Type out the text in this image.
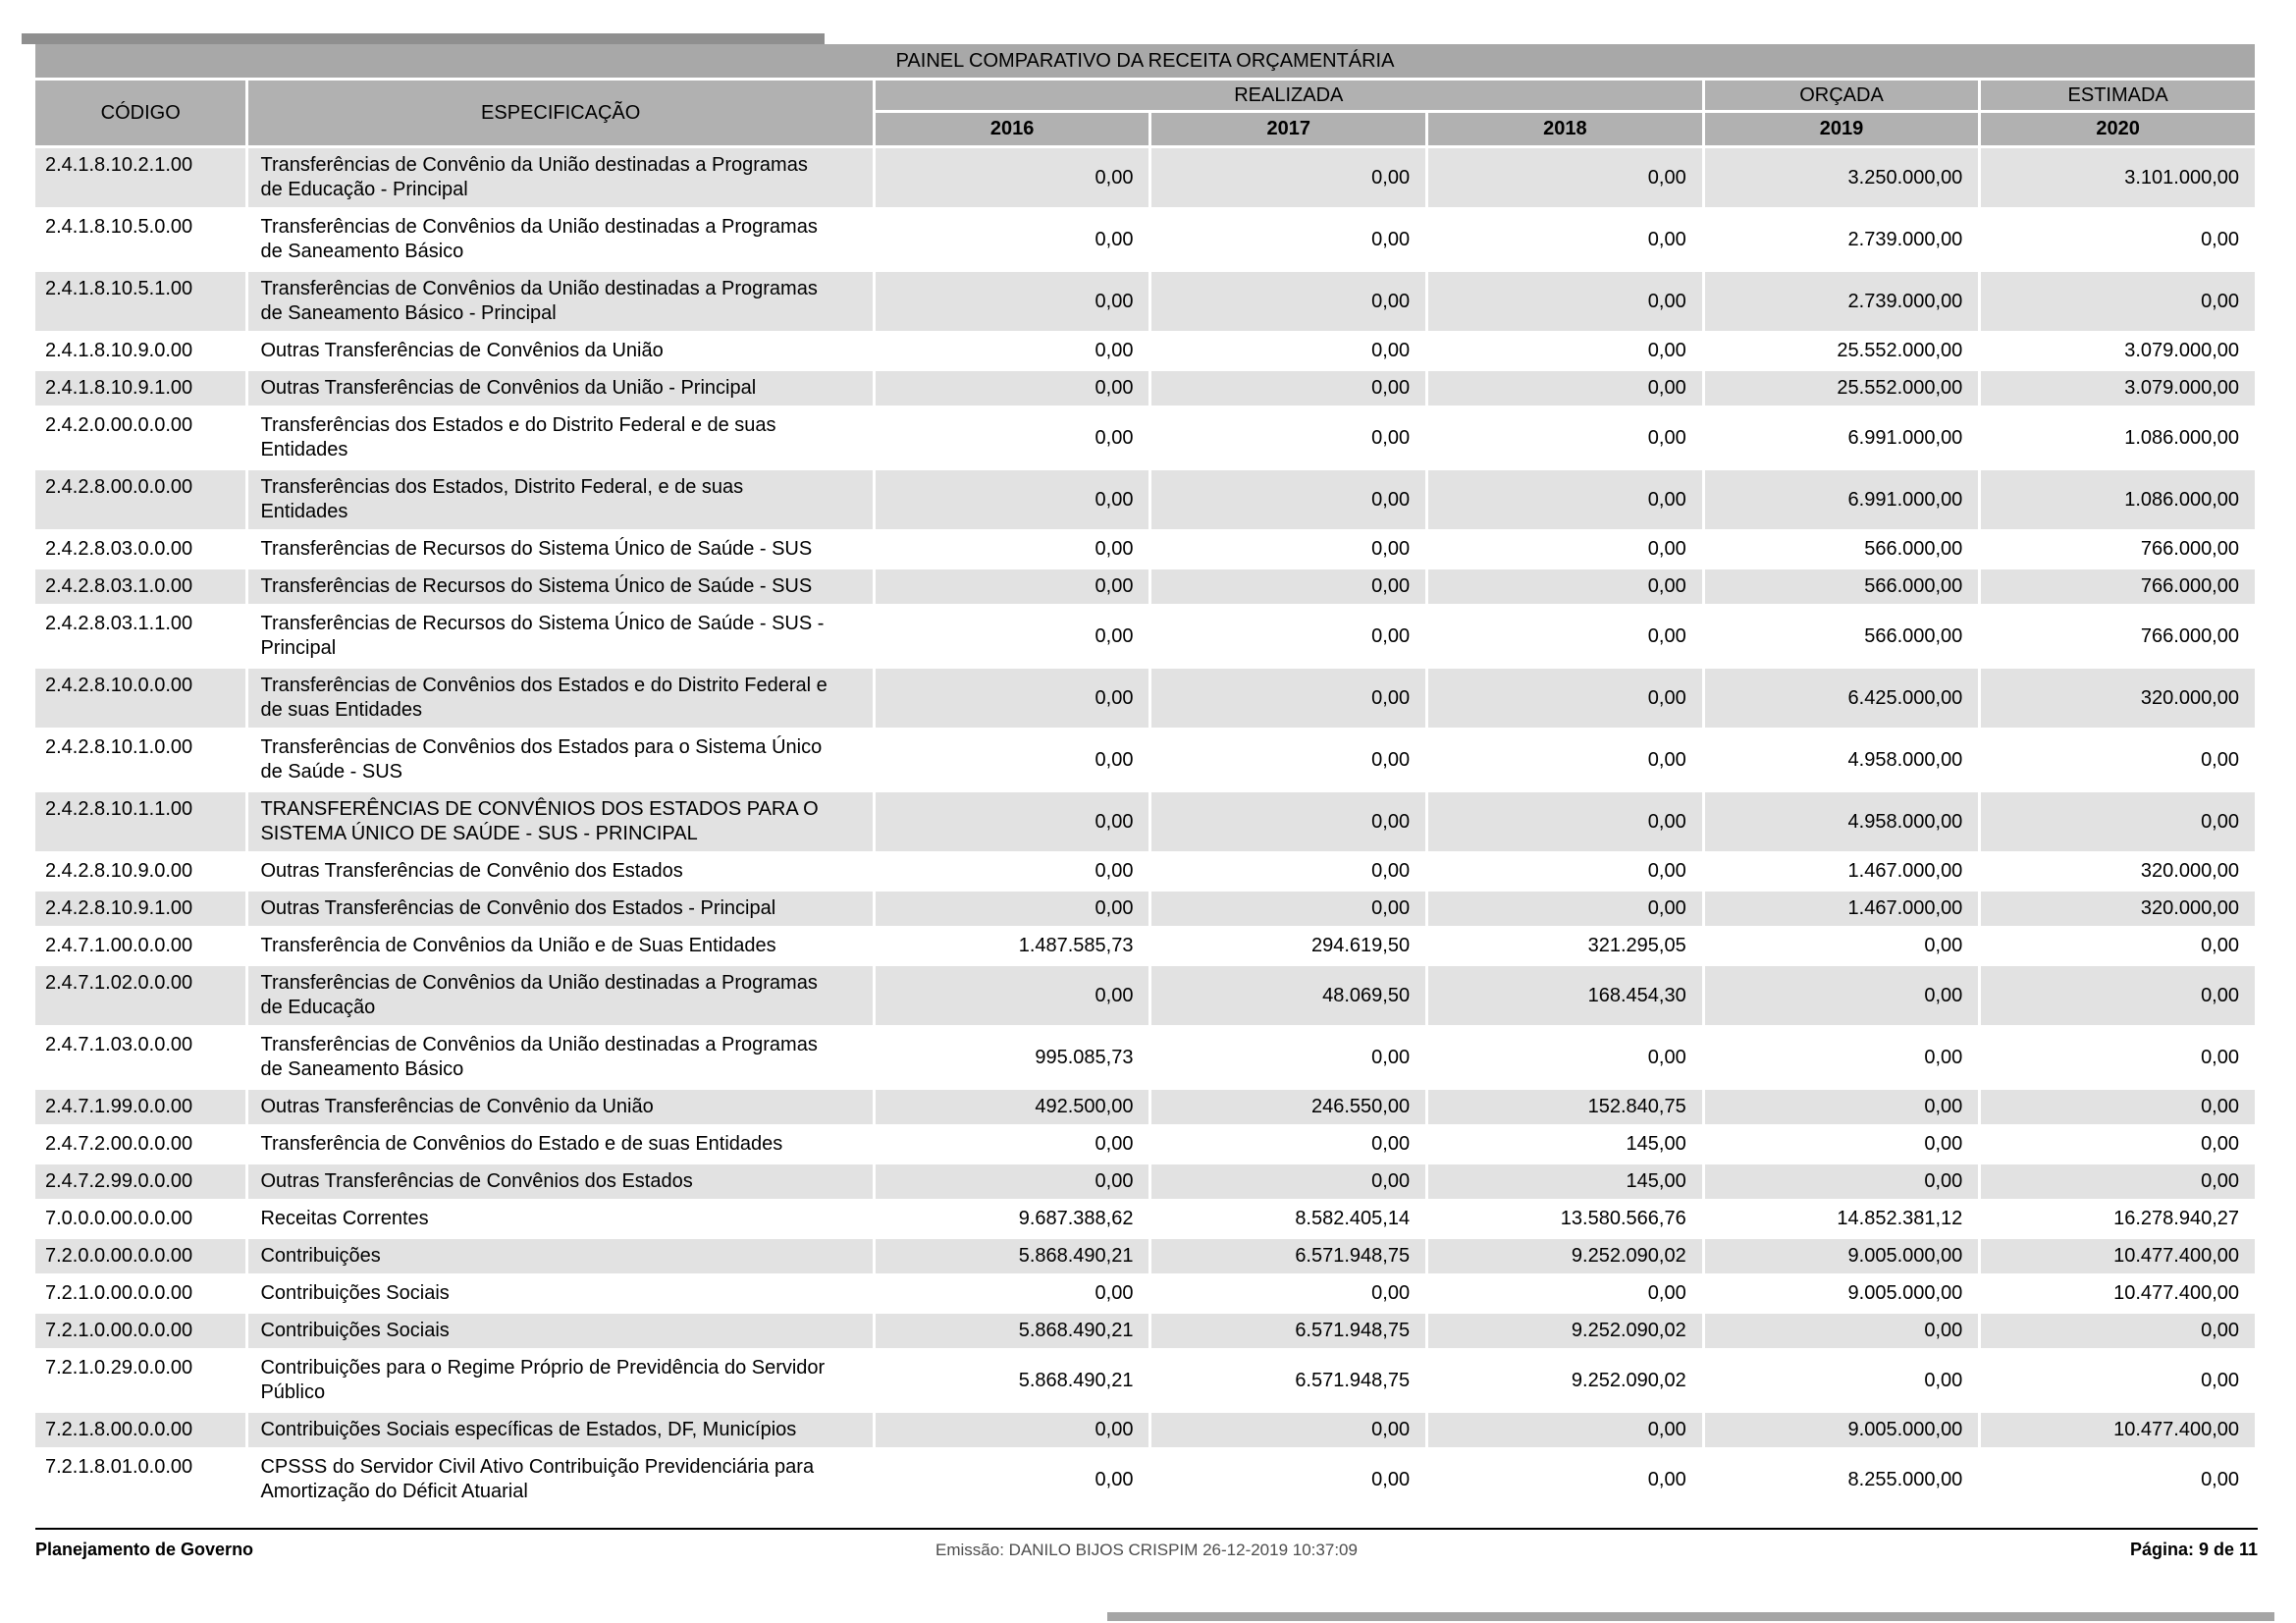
PAINEL COMPARATIVO DA RECEITA ORÇAMENTÁRIA						
CÓDIGO	ESPECIFICAÇÃO	REALIZADA			ORÇADA	ESTIMADA
		2016	2017	2018	2019	2020
2.4.1.8.10.2.1.00	Transferências de Convênio da União destinadas a Programas de Educação - Principal	0,00	0,00	0,00	3.250.000,00	3.101.000,00
2.4.1.8.10.5.0.00	Transferências de Convênios da União destinadas a Programas de Saneamento Básico	0,00	0,00	0,00	2.739.000,00	0,00
2.4.1.8.10.5.1.00	Transferências de Convênios da União destinadas a Programas de Saneamento Básico - Principal	0,00	0,00	0,00	2.739.000,00	0,00
2.4.1.8.10.9.0.00	Outras Transferências de Convênios da União	0,00	0,00	0,00	25.552.000,00	3.079.000,00
2.4.1.8.10.9.1.00	Outras Transferências de Convênios da União - Principal	0,00	0,00	0,00	25.552.000,00	3.079.000,00
2.4.2.0.00.0.0.00	Transferências dos Estados e do Distrito Federal e de suas Entidades	0,00	0,00	0,00	6.991.000,00	1.086.000,00
2.4.2.8.00.0.0.00	Transferências dos Estados, Distrito Federal, e de suas Entidades	0,00	0,00	0,00	6.991.000,00	1.086.000,00
2.4.2.8.03.0.0.00	Transferências de Recursos do Sistema Único de Saúde - SUS	0,00	0,00	0,00	566.000,00	766.000,00
2.4.2.8.03.1.0.00	Transferências de Recursos do Sistema Único de Saúde - SUS	0,00	0,00	0,00	566.000,00	766.000,00
2.4.2.8.03.1.1.00	Transferências de Recursos do Sistema Único de Saúde - SUS - Principal	0,00	0,00	0,00	566.000,00	766.000,00
2.4.2.8.10.0.0.00	Transferências de Convênios dos Estados e do Distrito Federal e de suas Entidades	0,00	0,00	0,00	6.425.000,00	320.000,00
2.4.2.8.10.1.0.00	Transferências de Convênios dos Estados para o Sistema Único de Saúde - SUS	0,00	0,00	0,00	4.958.000,00	0,00
2.4.2.8.10.1.1.00	TRANSFERÊNCIAS DE CONVÊNIOS DOS ESTADOS PARA O SISTEMA ÚNICO DE SAÚDE - SUS - PRINCIPAL	0,00	0,00	0,00	4.958.000,00	0,00
2.4.2.8.10.9.0.00	Outras Transferências de Convênio dos Estados	0,00	0,00	0,00	1.467.000,00	320.000,00
2.4.2.8.10.9.1.00	Outras Transferências de Convênio dos Estados - Principal	0,00	0,00	0,00	1.467.000,00	320.000,00
2.4.7.1.00.0.0.00	Transferência de Convênios da União e de Suas Entidades	1.487.585,73	294.619,50	321.295,05	0,00	0,00
2.4.7.1.02.0.0.00	Transferências de Convênios da União destinadas a Programas de Educação	0,00	48.069,50	168.454,30	0,00	0,00
2.4.7.1.03.0.0.00	Transferências de Convênios da União destinadas a Programas de Saneamento Básico	995.085,73	0,00	0,00	0,00	0,00
2.4.7.1.99.0.0.00	Outras Transferências de Convênio da União	492.500,00	246.550,00	152.840,75	0,00	0,00
2.4.7.2.00.0.0.00	Transferência de Convênios do Estado e de suas Entidades	0,00	0,00	145,00	0,00	0,00
2.4.7.2.99.0.0.00	Outras Transferências de Convênios dos Estados	0,00	0,00	145,00	0,00	0,00
7.0.0.0.00.0.0.00	Receitas Correntes	9.687.388,62	8.582.405,14	13.580.566,76	14.852.381,12	16.278.940,27
7.2.0.0.00.0.0.00	Contribuições	5.868.490,21	6.571.948,75	9.252.090,02	9.005.000,00	10.477.400,00
7.2.1.0.00.0.0.00	Contribuições Sociais	0,00	0,00	0,00	9.005.000,00	10.477.400,00
7.2.1.0.00.0.0.00	Contribuições Sociais	5.868.490,21	6.571.948,75	9.252.090,02	0,00	0,00
7.2.1.0.29.0.0.00	Contribuições para o Regime Próprio de Previdência do Servidor Público	5.868.490,21	6.571.948,75	9.252.090,02	0,00	0,00
7.2.1.8.00.0.0.00	Contribuições Sociais específicas de Estados, DF, Municípios	0,00	0,00	0,00	9.005.000,00	10.477.400,00
7.2.1.8.01.0.0.00	CPSSS do Servidor Civil Ativo Contribuição Previdenciária para Amortização do Déficit Atuarial	0,00	0,00	0,00	8.255.000,00	0,00
Planejamento de Governo	Emissão: DANILO BIJOS CRISPIM 26-12-2019 10:37:09	Página: 9 de 11
